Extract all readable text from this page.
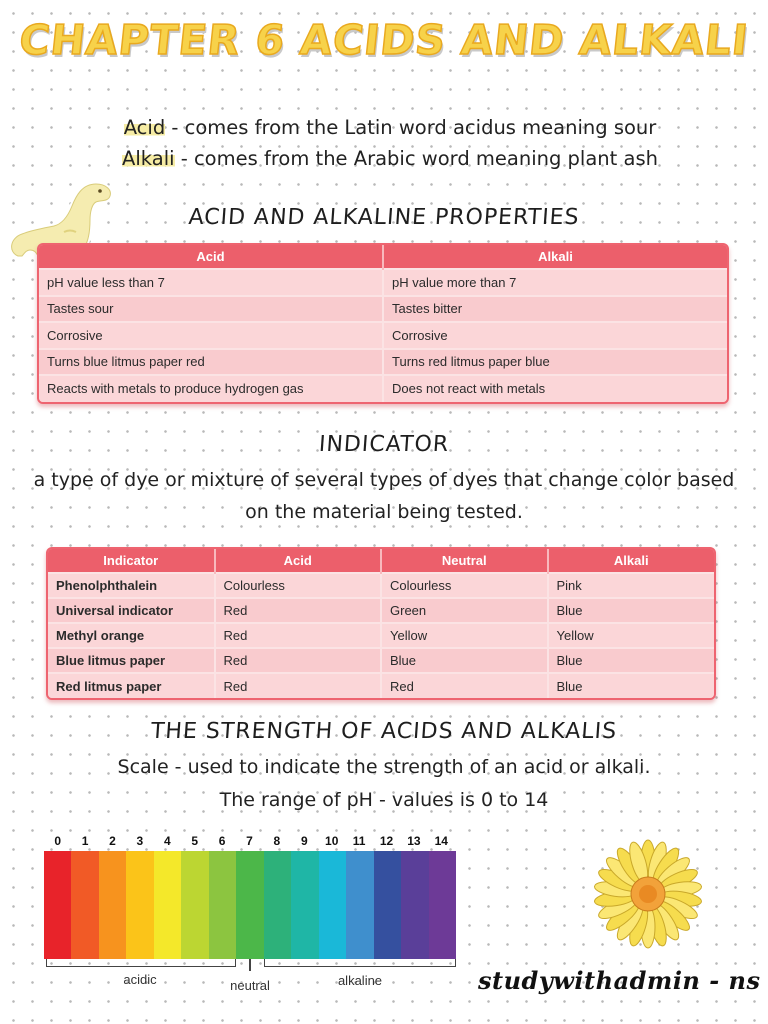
CHAPTER 6 ACIDS AND ALKALI
Acid - comes from the Latin word acidus meaning sour
Alkali - comes from the Arabic word meaning plant ash
ACID AND ALKALINE PROPERTIES
Acid	Alkali
pH value less than 7	pH value more than 7
Tastes sour	Tastes bitter
Corrosive	Corrosive
Turns blue litmus paper red	Turns red litmus paper blue
Reacts with metals to produce hydrogen gas	Does not react with metals
INDICATOR
a type of dye or mixture of several types of dyes that change color based on the material being tested.
Indicator	Acid	Neutral	Alkali
Phenolphthalein	Colourless	Colourless	Pink
Universal indicator	Red	Green	Blue
Methyl orange	Red	Yellow	Yellow
Blue litmus paper	Red	Blue	Blue
Red litmus paper	Red	Red	Blue
THE STRENGTH OF ACIDS AND ALKALIS
Scale - used to indicate the strength of an acid or alkali.
The range of pH - values is 0 to 14
0	1	2	3	4	5	6	7	8	9	10	11	12	13	14
acidic	neutral	alkaline	studywithadmin - ns
